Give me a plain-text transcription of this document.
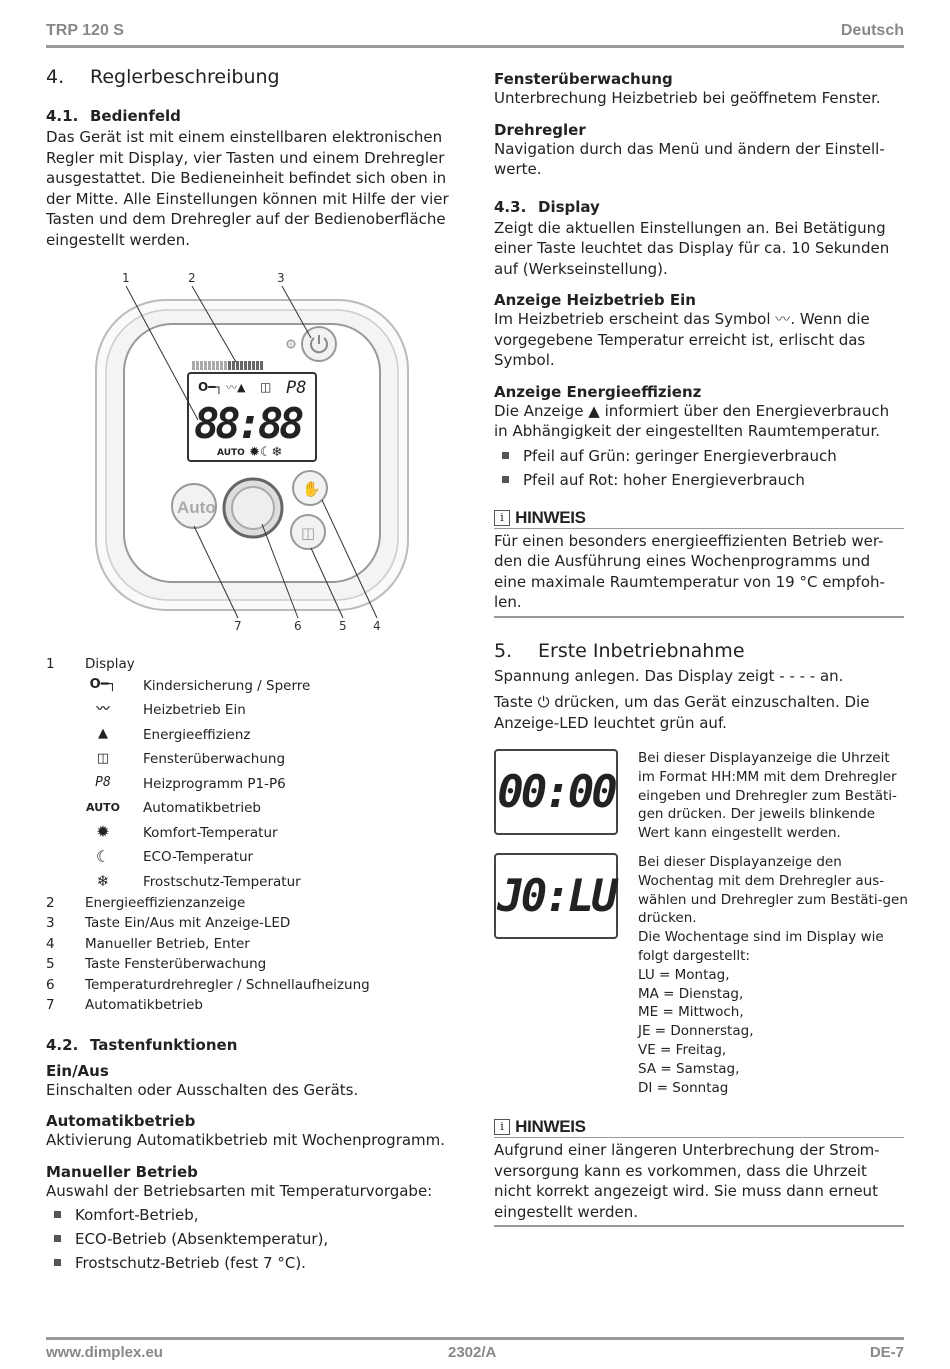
TRP 120 S	Deutsch
4. Reglerbeschreibung
4.1. Bedienfeld

Das Gerät ist mit einem einstellbaren elektronischen Regler mit Display, vier Tasten und einem Drehregler ausgestattet. Die Bedieneinheit befindet sich oben in der Mitte. Alle Einstellungen können mit Hilfe der vier Tasten und dem Drehregler auf der Bedienoberfläche eingestellt werden.

1	2	3
7	6	5 4
O━┐ 〰▲ ◫ P8
88:88
AUTO ✹☾❄
Auto
✋
◫
1 Display
O━┐	Kindersicherung / Sperre
〰	Heizbetrieb Ein
▲	Energieeffizienz
◫	Fensterüberwachung
P8	Heizprogramm P1-P6
AUTO Automatikbetrieb
✹	Komfort-Temperatur
☾	ECO-Temperatur
❄	Frostschutz-Temperatur
2 Energieeffizienzanzeige
3 Taste Ein/Aus mit Anzeige-LED
4 Manueller Betrieb, Enter
5 Taste Fensterüberwachung
6 Temperaturdrehregler / Schnellaufheizung
7 Automatikbetrieb
4.2. Tastenfunktionen
Ein/Aus

Einschalten oder Ausschalten des Geräts.

Automatikbetrieb

Aktivierung Automatikbetrieb mit Wochenprogramm.

Manueller Betrieb

Auswahl der Betriebsarten mit Temperaturvorgabe:

Komfort-Betrieb,
ECO-Betrieb (Absenktemperatur),
Frostschutz-Betrieb (fest 7 °C).
Fensterüberwachung

Unterbrechung Heizbetrieb bei geöffnetem Fenster.

Drehregler

Navigation durch das Menü und ändern der Einstell-werte.

4.3. Display

Zeigt die aktuellen Einstellungen an. Bei Betätigung einer Taste leuchtet das Display für ca. 10 Sekunden auf (Werkseinstellung).

Anzeige Heizbetrieb Ein

Im Heizbetrieb erscheint das Symbol 〰. Wenn die vorgegebene Temperatur erreicht ist, erlischt das Symbol.

Anzeige Energieeffizienz

Die Anzeige ▲ informiert über den Energieverbrauch in Abhängigkeit der eingestellten Raumtemperatur.

Pfeil auf Grün: geringer Energieverbrauch
Pfeil auf Rot: hoher Energieverbrauch
i HINWEIS

Für einen besonders energieeffizienten Betrieb wer-den die Ausführung eines Wochenprogramms und eine maximale Raumtemperatur von 19 °C empfoh-len.

5. Erste Inbetriebnahme

Spannung anlegen. Das Display zeigt - - - - an.

Taste ⏻ drücken, um das Gerät einzuschalten. Die Anzeige-LED leuchtet grün auf.

00:00
Bei dieser Displayanzeige die Uhrzeit im Format HH:MM mit dem Drehregler eingeben und Drehregler zum Bestäti-gen drücken. Der jeweils blinkende Wert kann eingestellt werden.
J0:LU
Bei dieser Displayanzeige den Wochentag mit dem Drehregler aus-wählen und Drehregler zum Bestäti-gen drücken.
Die Wochentage sind im Display wie folgt dargestellt:
LU = Montag,
MA = Dienstag,
ME = Mittwoch,
JE = Donnerstag,
VE = Freitag,
SA = Samstag,
DI = Sonntag
i HINWEIS

Aufgrund einer längeren Unterbrechung der Strom-versorgung kann es vorkommen, dass die Uhrzeit nicht korrekt angezeigt wird. Sie muss dann erneut eingestellt werden.

www.dimplex.eu	2302/A	DE-7
